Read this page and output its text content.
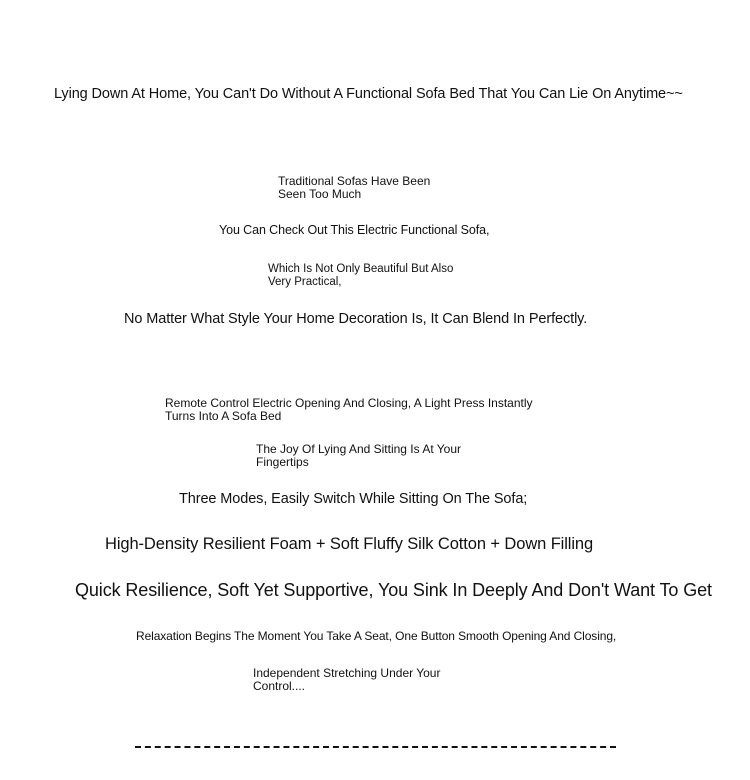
Lying Down At Home, You Can't Do Without A Functional Sofa Bed That You Can Lie On Anytime~~
Traditional Sofas Have Been
Seen Too Much
You Can Check Out This Electric Functional Sofa,
Which Is Not Only Beautiful But Also
Very Practical,
No Matter What Style Your Home Decoration Is, It Can Blend In Perfectly.
Remote Control Electric Opening And Closing, A Light Press Instantly
Turns Into A Sofa Bed
The Joy Of Lying And Sitting Is At Your
Fingertips
Three Modes, Easily Switch While Sitting On The Sofa;
High-Density Resilient Foam + Soft Fluffy Silk Cotton + Down Filling
Quick Resilience, Soft Yet Supportive, You Sink In Deeply And Don't Want To Get
Relaxation Begins The Moment You Take A Seat, One Button Smooth Opening And Closing,
Independent Stretching Under Your
Control....
